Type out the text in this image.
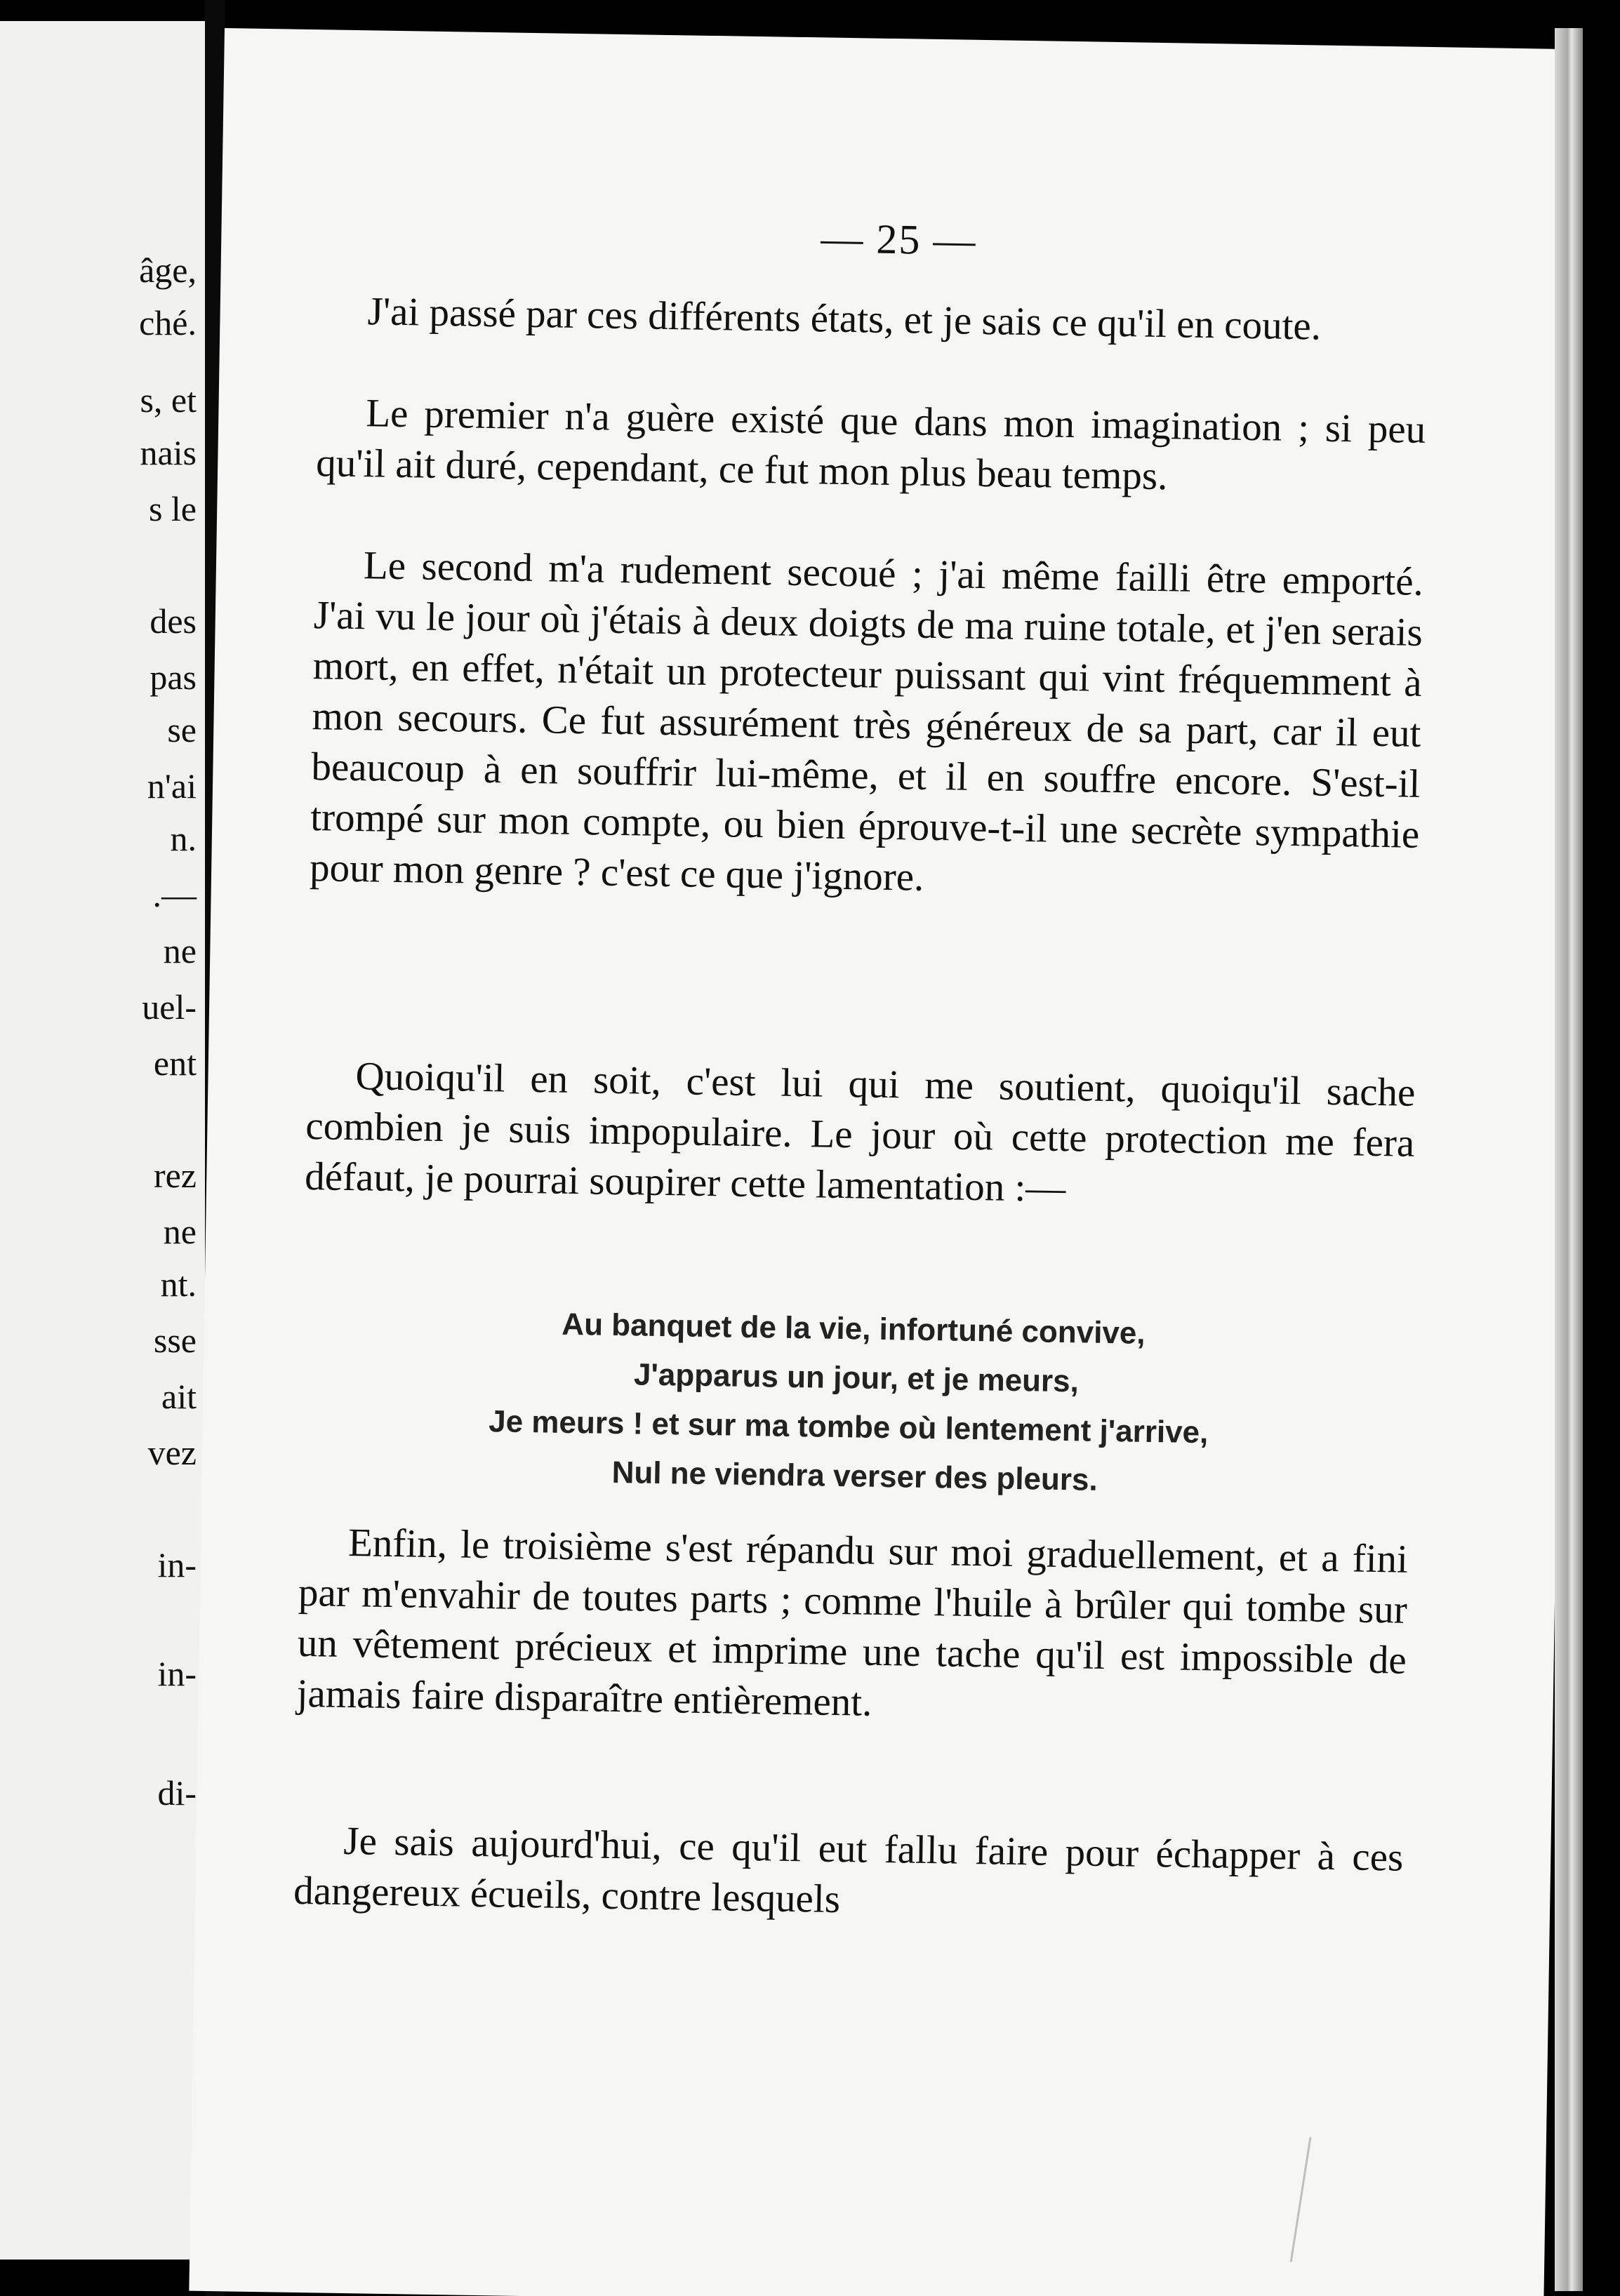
âge,
ché.
s, et
nais
s le
des
pas
se
n'ai
n.
.—
ne
uel-
ent
rez
ne
nt.
sse
ait
vez
in-
in-
di-
— 25 —

J'ai passé par ces différents états, et je sais ce qu'il en coute.

Le premier n'a guère existé que dans mon imagination ; si peu qu'il ait duré, cependant, ce fut mon plus beau temps.

Le second m'a rudement secoué ; j'ai même failli être emporté. J'ai vu le jour où j'étais à deux doigts de ma ruine totale, et j'en serais mort, en effet, n'était un protecteur puissant qui vint fréquemment à mon secours. Ce fut assurément très généreux de sa part, car il eut beaucoup à en souffrir lui-même, et il en souffre encore. S'est-il trompé sur mon compte, ou bien éprouve-t-il une secrète sympathie pour mon genre ? c'est ce que j'ignore.

Quoiqu'il en soit, c'est lui qui me soutient, quoiqu'il sache combien je suis impopulaire. Le jour où cette protection me fera défaut, je pourrai soupirer cette lamentation :—

Au banquet de la vie, infortuné convive,
J'apparus un jour, et je meurs,
Je meurs ! et sur ma tombe où lentement j'arrive,
Nul ne viendra verser des pleurs.

Enfin, le troisième s'est répandu sur moi graduellement, et a fini par m'envahir de toutes parts ; comme l'huile à brûler qui tombe sur un vêtement précieux et imprime une tache qu'il est impossible de jamais faire disparaître entièrement.

Je sais aujourd'hui, ce qu'il eut fallu faire pour échapper à ces dangereux écueils, contre lesquels
